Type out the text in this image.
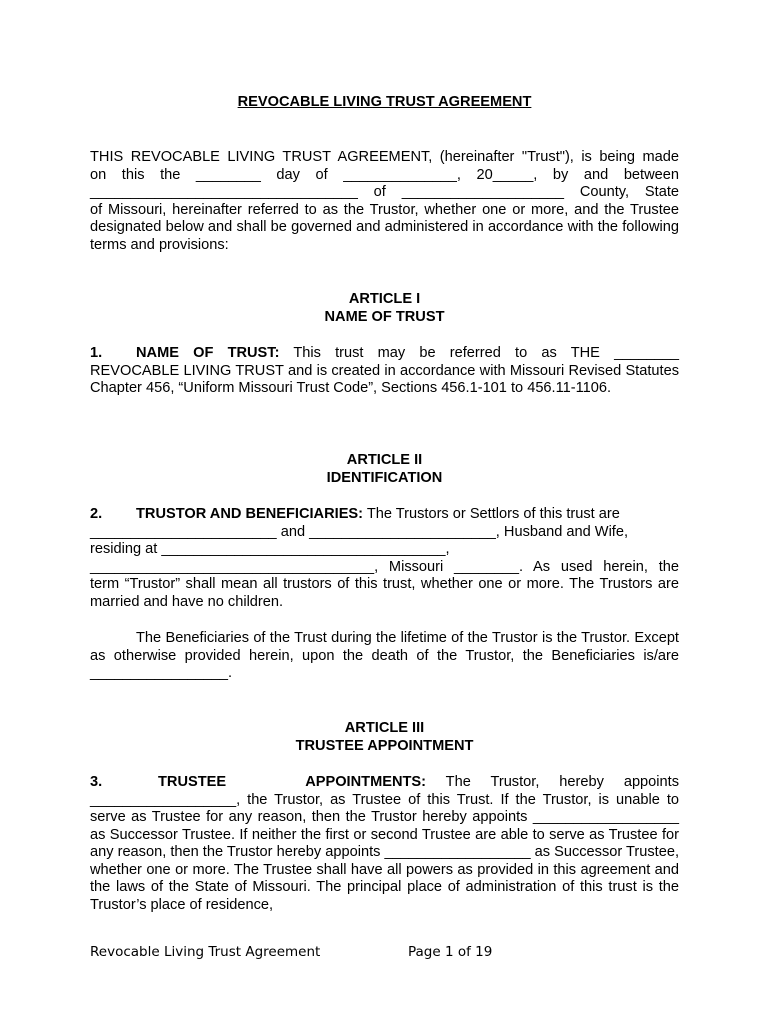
REVOCABLE LIVING TRUST AGREEMENT
THIS REVOCABLE LIVING TRUST AGREEMENT, (hereinafter "Trust"), is being made
on this the ________ day of ______________, 20_____, by and between
_________________________________ of ____________________ County, State
of Missouri, hereinafter referred to as the Trustor, whether one or more, and the Trustee designated below and shall be governed and administered in accordance with the following terms and provisions:
ARTICLE I
NAME OF TRUST
1. NAME OF TRUST: This trust may be referred to as THE ________
REVOCABLE LIVING TRUST and is created in accordance with Missouri Revised Statutes Chapter 456, “Uniform Missouri Trust Code”, Sections 456.1-101 to 456.11-1106.
ARTICLE II
IDENTIFICATION
2. TRUSTOR AND BENEFICIARIES: The Trustors or Settlors of this trust are
_______________________ and _______________________, Husband and Wife,
residing at ___________________________________,
___________________________________, Missouri ________. As used herein, the
term “Trustor” shall mean all trustors of this trust, whether one or more. The Trustors are married and have no children.
The Beneficiaries of the Trust during the lifetime of the Trustor is the Trustor. Except as otherwise provided herein, upon the death of the Trustor, the Beneficiaries is/are _________________.
ARTICLE III
TRUSTEE APPOINTMENT
3.	TRUSTEE    APPOINTMENTS: The Trustor, hereby appoints
__________________, the Trustor, as Trustee of this Trust. If the Trustor, is unable to serve as Trustee for any reason, then the Trustor hereby appoints __________________ as Successor Trustee. If neither the first or second Trustee are able to serve as Trustee for any reason, then the Trustor hereby appoints __________________ as Successor Trustee, whether one or more. The Trustee shall have all powers as provided in this agreement and the laws of the State of Missouri. The principal place of administration of this trust is the Trustor’s place of residence,
Revocable Living Trust Agreement	Page 1 of 19
